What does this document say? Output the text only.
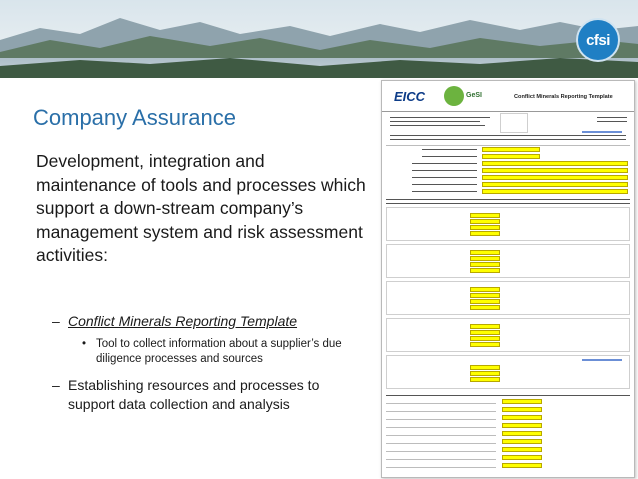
cfsi
Company Assurance
Development, integration and maintenance of tools and processes which support a down-stream company’s management system and risk assessment activities:
– Conflict Minerals Reporting Template
• Tool to collect information about a supplier’s due diligence processes and sources
– Establishing resources and processes to support data collection and analysis
EICC	GeSI	Conflict Minerals Reporting Template
